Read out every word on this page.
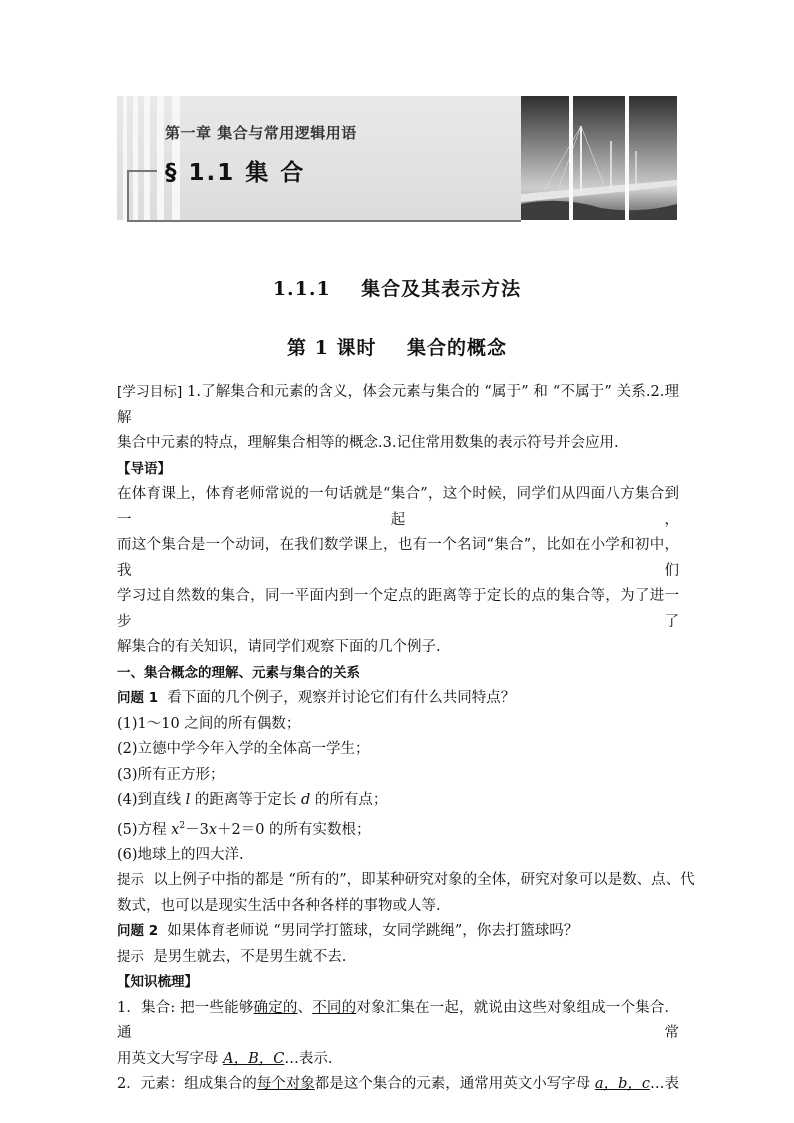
第一章 集合与常用逻辑用语
§ 1.1 集 合
1.1.1    集合及其表示方法
第 1 课时    集合的概念

[学习目标] 1.了解集合和元素的含义，体会元素与集合的 “属于” 和 “不属于” 关系.2.理解

集合中元素的特点，理解集合相等的概念.3.记住常用数集的表示符号并会应用.

【导语】

在体育课上，体育老师常说的一句话就是“集合”，这个时候，同学们从四面八方集合到一起，

而这个集合是一个动词，在我们数学课上，也有一个名词“集合”，比如在小学和初中，我们

学习过自然数的集合，同一平面内到一个定点的距离等于定长的点的集合等，为了进一步了

解集合的有关知识，请同学们观察下面的几个例子.

一、集合概念的理解、元素与集合的关系

问题 1  看下面的几个例子，观察并讨论它们有什么共同特点？

(1)1～10 之间的所有偶数；

(2)立德中学今年入学的全体高一学生；

(3)所有正方形；

(4)到直线 l 的距离等于定长 d 的所有点；

(5)方程 $x^2-3x+2=0$ 的所有实数根；

(6)地球上的四大洋.

提示  以上例子中指的都是 “所有的”，即某种研究对象的全体，研究对象可以是数、点、代

数式，也可以是现实生活中各种各样的事物或人等.

问题 2  如果体育老师说 “男同学打篮球，女同学跳绳”，你去打篮球吗？

提示  是男生就去，不是男生就不去.

【知识梳理】

1．集合: 把一些能够确定的、不同的对象汇集在一起，就说由这些对象组成一个集合．通常

用英文大写字母 A，B，C…表示.

2．元素：组成集合的每个对象都是这个集合的元素，通常用英文小写字母 a，b，c…表
